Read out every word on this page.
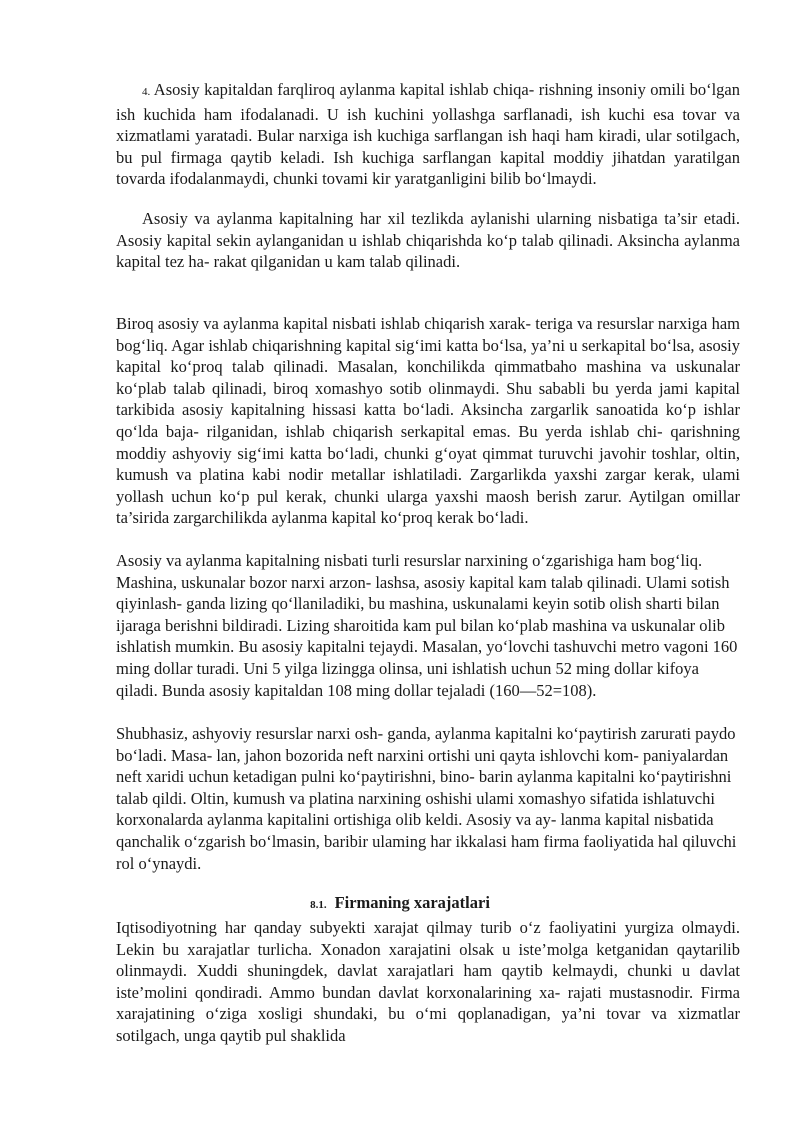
4. Asosiy kapitaldan farqliroq aylanma kapital ishlab chiqa- rishning insoniy omili bo‘lgan ish kuchida ham ifodalanadi. U ish kuchini yollashga sarflanadi, ish kuchi esa tovar va xizmatlami yaratadi. Bular narxiga ish kuchiga sarflangan ish haqi ham kiradi, ular sotilgach, bu pul firmaga qaytib keladi. Ish kuchiga sarflangan kapital moddiy jihatdan yaratilgan tovarda ifodalanmaydi, chunki tovami kir yaratganligini bilib bo‘lmaydi.

Asosiy va aylanma kapitalning har xil tezlikda aylanishi ularning nisbatiga ta’sir etadi. Asosiy kapital sekin aylanganidan u ishlab chiqarishda ko‘p talab qilinadi. Aksincha aylanma kapital tez ha- rakat qilganidan u kam talab qilinadi.

Biroq asosiy va aylanma kapital nisbati ishlab chiqarish xarak- teriga va resurslar narxiga ham bog‘liq. Agar ishlab chiqarishning kapital sig‘imi katta bo‘lsa, ya’ni u serkapital bo‘lsa, asosiy kapital ko‘proq talab qilinadi. Masalan, konchilikda qimmatbaho mashina va uskunalar ko‘plab talab qilinadi, biroq xomashyo sotib olinmaydi. Shu sababli bu yerda jami kapital tarkibida asosiy kapitalning hissasi katta bo‘ladi. Aksincha zargarlik sanoatida ko‘p ishlar qo‘lda baja- rilganidan, ishlab chiqarish serkapital emas. Bu yerda ishlab chi- qarishning moddiy ashyoviy sig‘imi katta bo‘ladi, chunki g‘oyat qimmat turuvchi javohir toshlar, oltin, kumush va platina kabi nodir metallar ishlatiladi. Zargarlikda yaxshi zargar kerak, ulami yollash uchun ko‘p pul kerak, chunki ularga yaxshi maosh berish zarur. Aytilgan omillar ta’sirida zargarchilikda aylanma kapital ko‘proq kerak bo‘ladi.

Asosiy va aylanma kapitalning nisbati turli resurslar narxining o‘zgarishiga ham bog‘liq. Mashina, uskunalar bozor narxi arzon- lashsa, asosiy kapital kam talab qilinadi. Ulami sotish qiyinlash- ganda lizing qo‘llaniladiki, bu mashina, uskunalami keyin sotib olish sharti bilan ijaraga berishni bildiradi. Lizing sharoitida kam pul bilan ko‘plab mashina va uskunalar olib ishlatish mumkin. Bu asosiy kapitalni tejaydi. Masalan, yo‘lovchi tashuvchi metro vagoni 160 ming dollar turadi. Uni 5 yilga lizingga olinsa, uni ishlatish uchun 52 ming dollar kifoya qiladi. Bunda asosiy kapitaldan 108 ming dollar tejaladi (160—52=108).

Shubhasiz, ashyoviy resurslar narxi osh- ganda, aylanma kapitalni ko‘paytirish zarurati paydo bo‘ladi. Masa- lan, jahon bozorida neft narxini ortishi uni qayta ishlovchi kom- paniyalardan neft xaridi uchun ketadigan pulni ko‘paytirishni, bino- barin aylanma kapitalni ko‘paytirishni talab qildi. Oltin, kumush va platina narxining oshishi ulami xomashyo sifatida ishlatuvchi korxonalarda aylanma kapitalini ortishiga olib keldi. Asosiy va ay- lanma kapital nisbatida qanchalik o‘zgarish bo‘lmasin, baribir ulaming har ikkalasi ham firma faoliyatida hal qiluvchi rol o‘ynaydi.

8.1. Firmaning xarajatlari

Iqtisodiyotning har qanday subyekti xarajat qilmay turib o‘z faoliyatini yurgiza olmaydi. Lekin bu xarajatlar turlicha. Xonadon xarajatini olsak u iste’molga ketganidan qaytarilib olinmaydi. Xuddi shuningdek, davlat xarajatlari ham qaytib kelmaydi, chunki u davlat iste’molini qondiradi. Ammo bundan davlat korxonalarining xa- rajati mustasnodir. Firma xarajatining o‘ziga xosligi shundaki, bu o‘mi qoplanadigan, ya’ni tovar va xizmatlar sotilgach, unga qaytib pul shaklida
